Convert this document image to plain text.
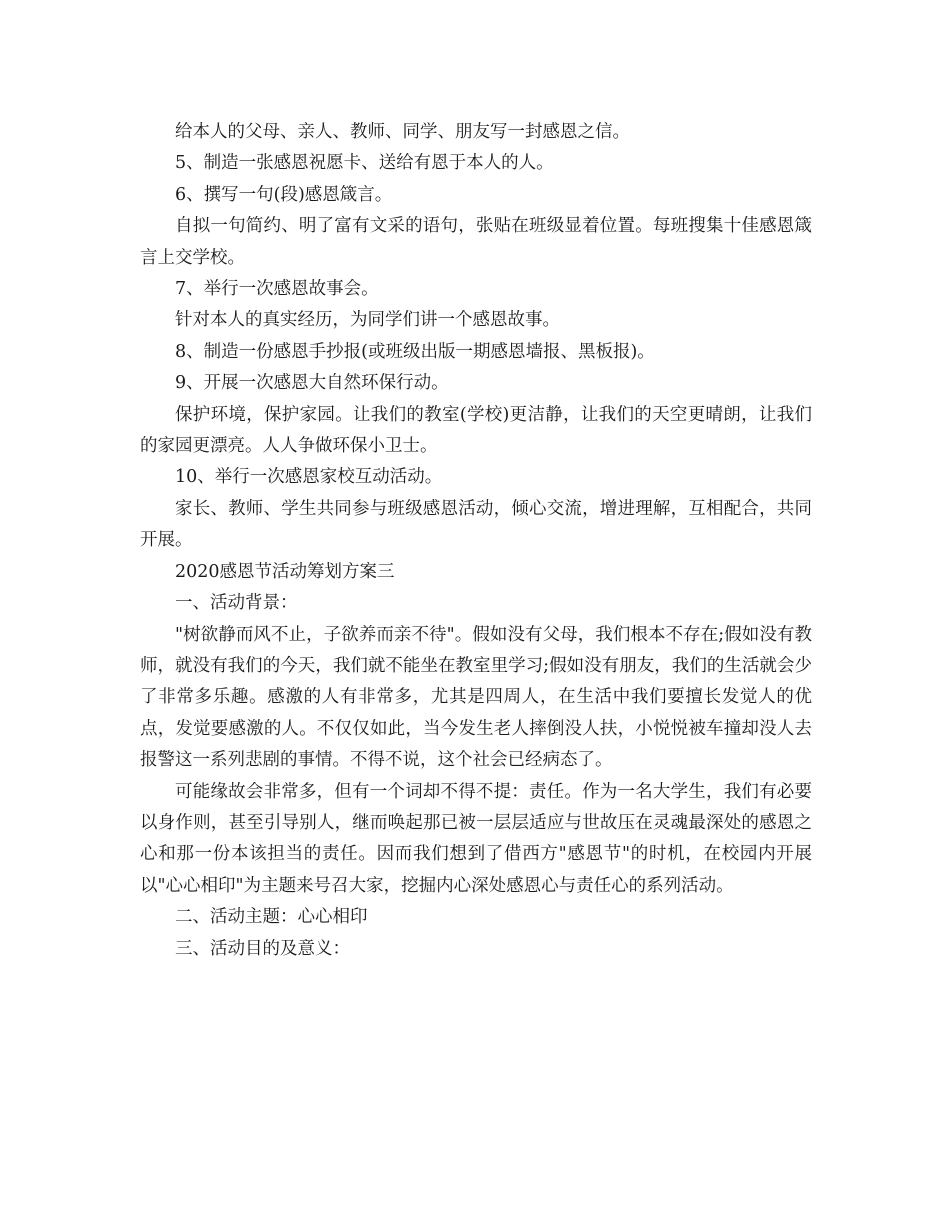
给本人的父母、亲人、教师、同学、朋友写一封感恩之信。

5、制造一张感恩祝愿卡、送给有恩于本人的人。

6、撰写一句(段)感恩箴言。

自拟一句简约、明了富有文采的语句，张贴在班级显着位置。每班搜集十佳感恩箴言上交学校。

7、举行一次感恩故事会。

针对本人的真实经历，为同学们讲一个感恩故事。

8、制造一份感恩手抄报(或班级出版一期感恩墙报、黑板报)。

9、开展一次感恩大自然环保行动。

保护环境，保护家园。让我们的教室(学校)更洁静，让我们的天空更晴朗，让我们的家园更漂亮。人人争做环保小卫士。

10、举行一次感恩家校互动活动。

家长、教师、学生共同参与班级感恩活动，倾心交流，增进理解，互相配合，共同开展。

2020感恩节活动筹划方案三

一、活动背景：

"树欲静而风不止，子欲养而亲不待"。假如没有父母，我们根本不存在;假如没有教师，就没有我们的今天，我们就不能坐在教室里学习;假如没有朋友，我们的生活就会少了非常多乐趣。感激的人有非常多，尤其是四周人，在生活中我们要擅长发觉人的优点，发觉要感激的人。不仅仅如此，当今发生老人摔倒没人扶，小悦悦被车撞却没人去报警这一系列悲剧的事情。不得不说，这个社会已经病态了。

可能缘故会非常多，但有一个词却不得不提：责任。作为一名大学生，我们有必要以身作则，甚至引导别人，继而唤起那已被一层层适应与世故压在灵魂最深处的感恩之心和那一份本该担当的责任。因而我们想到了借西方"感恩节"的时机，在校园内开展以"心心相印"为主题来号召大家，挖掘内心深处感恩心与责任心的系列活动。

二、活动主题：心心相印

三、活动目的及意义：
